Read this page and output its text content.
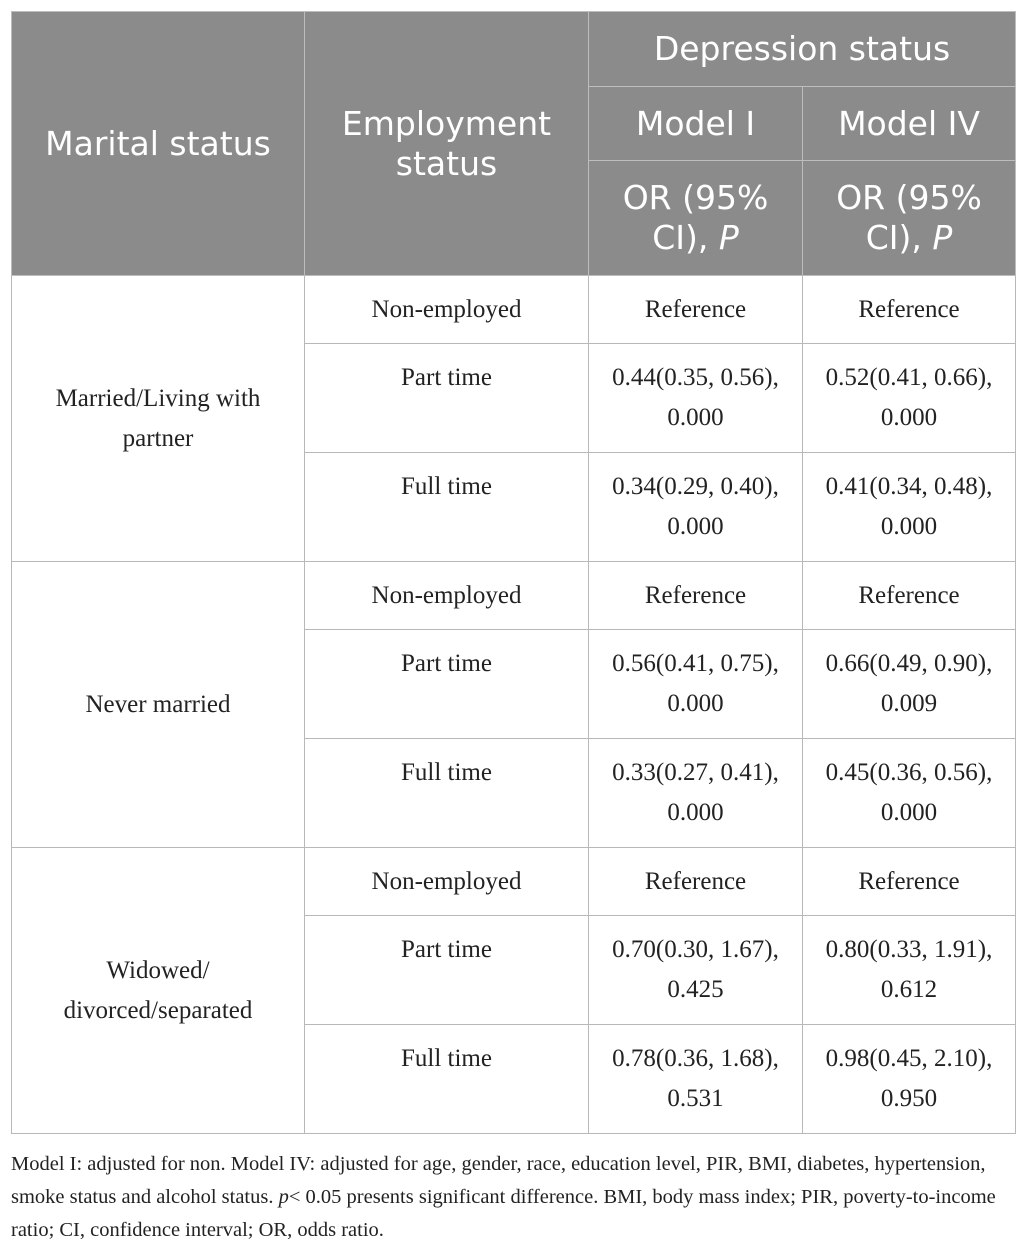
Marital status	Employment status	Depression status	
		Model I	Model IV
		OR (95% CI), P	OR (95% CI), P
Married/Living with partner	Non-employed	Reference	Reference
	Part time	0.44(0.35, 0.56), 0.000	0.52(0.41, 0.66), 0.000
	Full time	0.34(0.29, 0.40), 0.000	0.41(0.34, 0.48), 0.000
Never married	Non-employed	Reference	Reference
	Part time	0.56(0.41, 0.75), 0.000	0.66(0.49, 0.90), 0.009
	Full time	0.33(0.27, 0.41), 0.000	0.45(0.36, 0.56), 0.000
Widowed/ divorced/separated	Non-employed	Reference	Reference
	Part time	0.70(0.30, 1.67), 0.425	0.80(0.33, 1.91), 0.612
	Full time	0.78(0.36, 1.68), 0.531	0.98(0.45, 2.10), 0.950

Model I: adjusted for non. Model IV: adjusted for age, gender, race, education level, PIR, BMI, diabetes, hypertension, smoke status and alcohol status. p< 0.05 presents significant difference. BMI, body mass index; PIR, poverty-to-income ratio; CI, confidence interval; OR, odds ratio.
